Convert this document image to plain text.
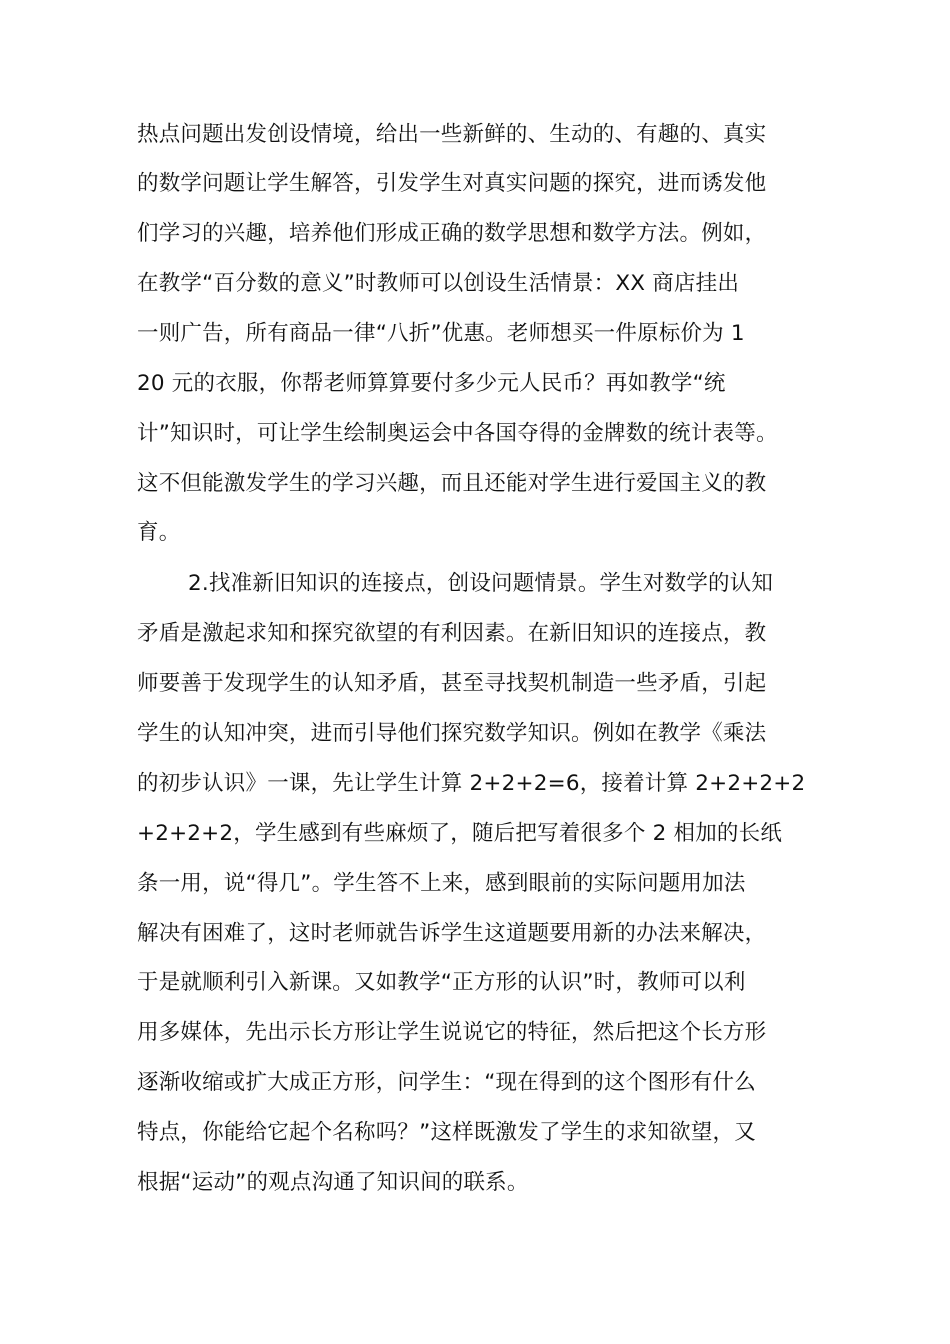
热点问题出发创设情境，给出一些新鲜的、生动的、有趣的、真实
的数学问题让学生解答，引发学生对真实问题的探究，进而诱发他
们学习的兴趣，培养他们形成正确的数学思想和数学方法。例如，
在教学“百分数的意义”时教师可以创设生活情景：XX 商店挂出
一则广告，所有商品一律“八折”优惠。老师想买一件原标价为 1
20 元的衣服，你帮老师算算要付多少元人民币？再如教学“统
计”知识时，可让学生绘制奥运会中各国夺得的金牌数的统计表等。
这不但能激发学生的学习兴趣，而且还能对学生进行爱国主义的教
育。
2.找准新旧知识的连接点，创设问题情景。学生对数学的认知
矛盾是激起求知和探究欲望的有利因素。在新旧知识的连接点，教
师要善于发现学生的认知矛盾，甚至寻找契机制造一些矛盾，引起
学生的认知冲突，进而引导他们探究数学知识。例如在教学《乘法
的初步认识》一课，先让学生计算 2+2+2=6，接着计算 2+2+2+2
+2+2+2，学生感到有些麻烦了，随后把写着很多个 2 相加的长纸
条一用，说“得几”。学生答不上来，感到眼前的实际问题用加法
解决有困难了，这时老师就告诉学生这道题要用新的办法来解决，
于是就顺利引入新课。又如教学“正方形的认识”时，教师可以利
用多媒体，先出示长方形让学生说说它的特征，然后把这个长方形
逐渐收缩或扩大成正方形，问学生：“现在得到的这个图形有什么
特点，你能给它起个名称吗？”这样既激发了学生的求知欲望，又
根据“运动”的观点沟通了知识间的联系。
